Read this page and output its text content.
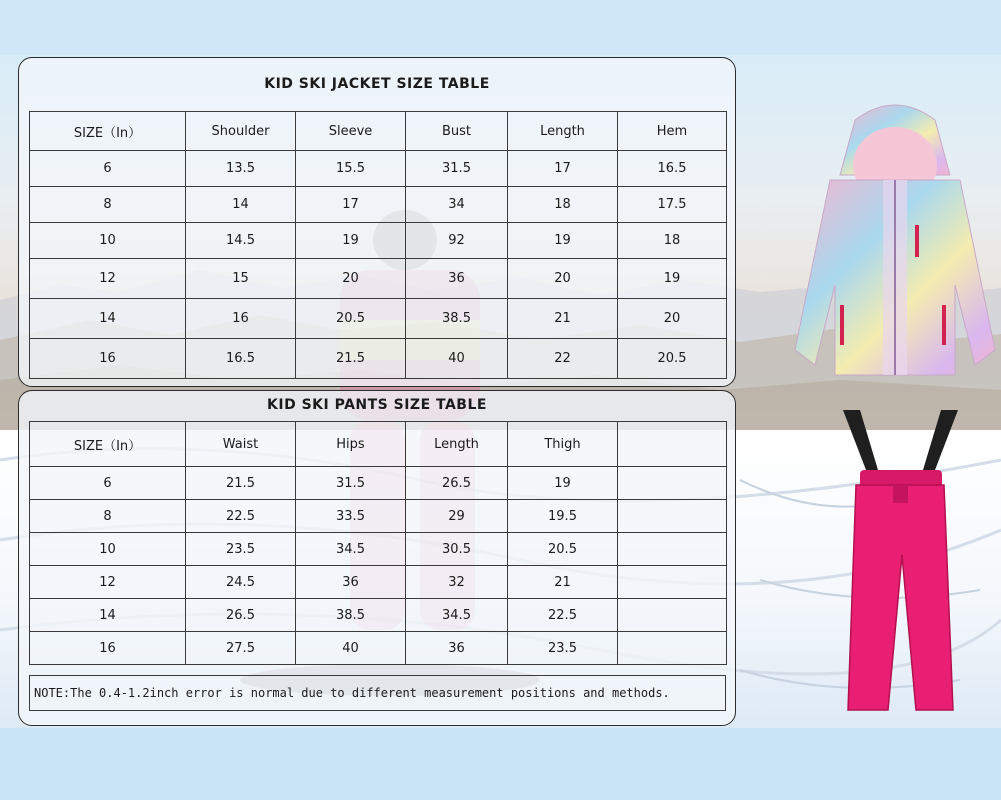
KID SKI JACKET SIZE TABLE
SIZE（In）	Shoulder	Sleeve	Bust	Length	Hem
6	13.5	15.5	31.5	17	16.5
8	14	17	34	18	17.5
10	14.5	19	92	19	18
12	15	20	36	20	19
14	16	20.5	38.5	21	20
16	16.5	21.5	40	22	20.5
KID SKI PANTS SIZE TABLE
SIZE（In）	Waist	Hips	Length	Thigh	
6	21.5	31.5	26.5	19	
8	22.5	33.5	29	19.5	
10	23.5	34.5	30.5	20.5	
12	24.5	36	32	21	
14	26.5	38.5	34.5	22.5	
16	27.5	40	36	23.5	
NOTE:The 0.4-1.2inch error is normal due to different measurement positions and methods.
